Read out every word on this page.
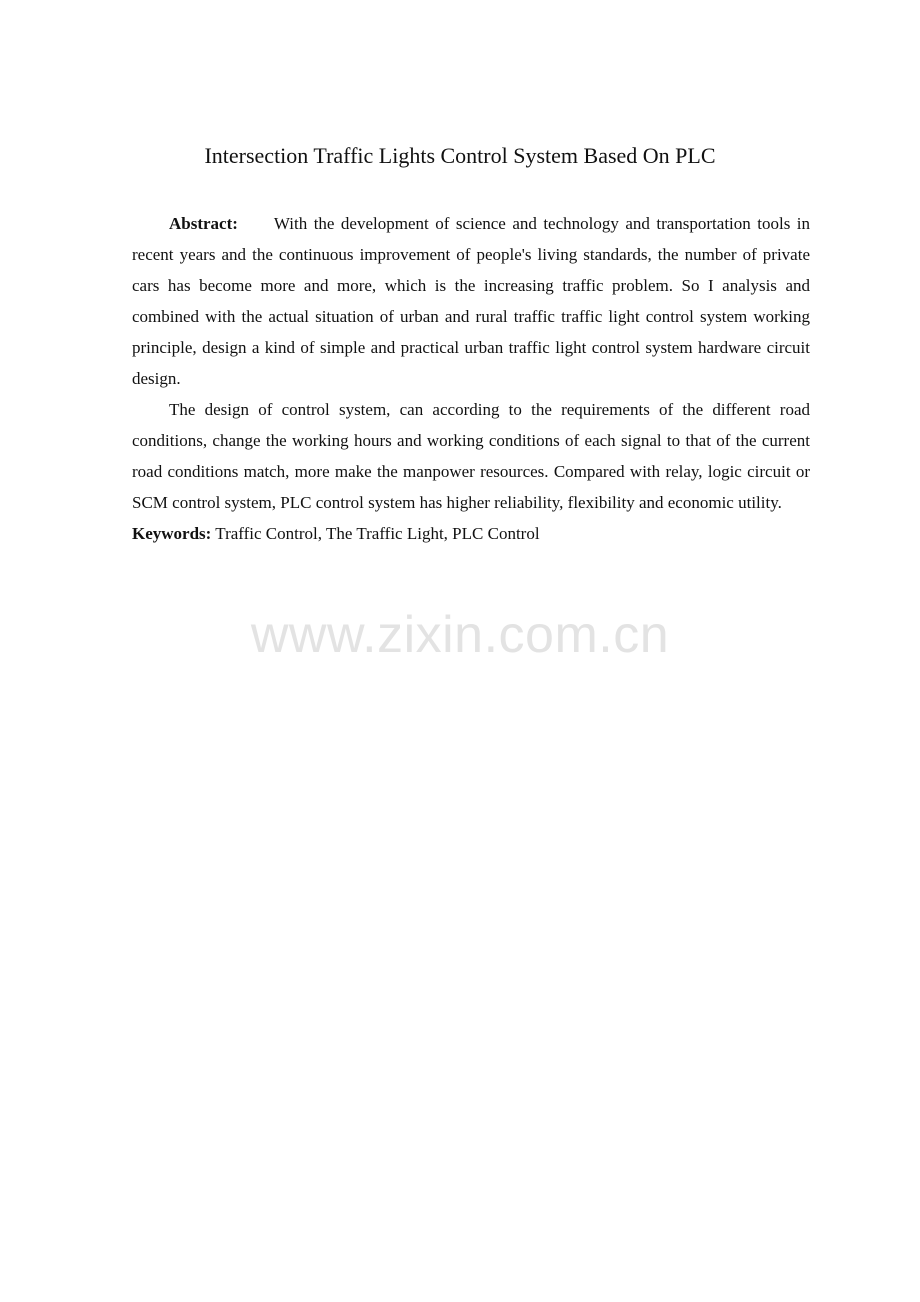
Intersection Traffic Lights Control System Based On PLC

Abstract: With the development of science and technology and transportation tools in recent years and the continuous improvement of people's living standards, the number of private cars has become more and more, which is the increasing traffic problem. So I analysis and combined with the actual situation of urban and rural traffic traffic light control system working principle, design a kind of simple and practical urban traffic light control system hardware circuit design.

The design of control system, can according to the requirements of the different road conditions, change the working hours and working conditions of each signal to that of the current road conditions match, more make the manpower resources. Compared with relay, logic circuit or SCM control system, PLC control system has higher reliability, flexibility and economic utility.

Keywords: Traffic Control, The Traffic Light, PLC Control

www.zixin.com.cn
